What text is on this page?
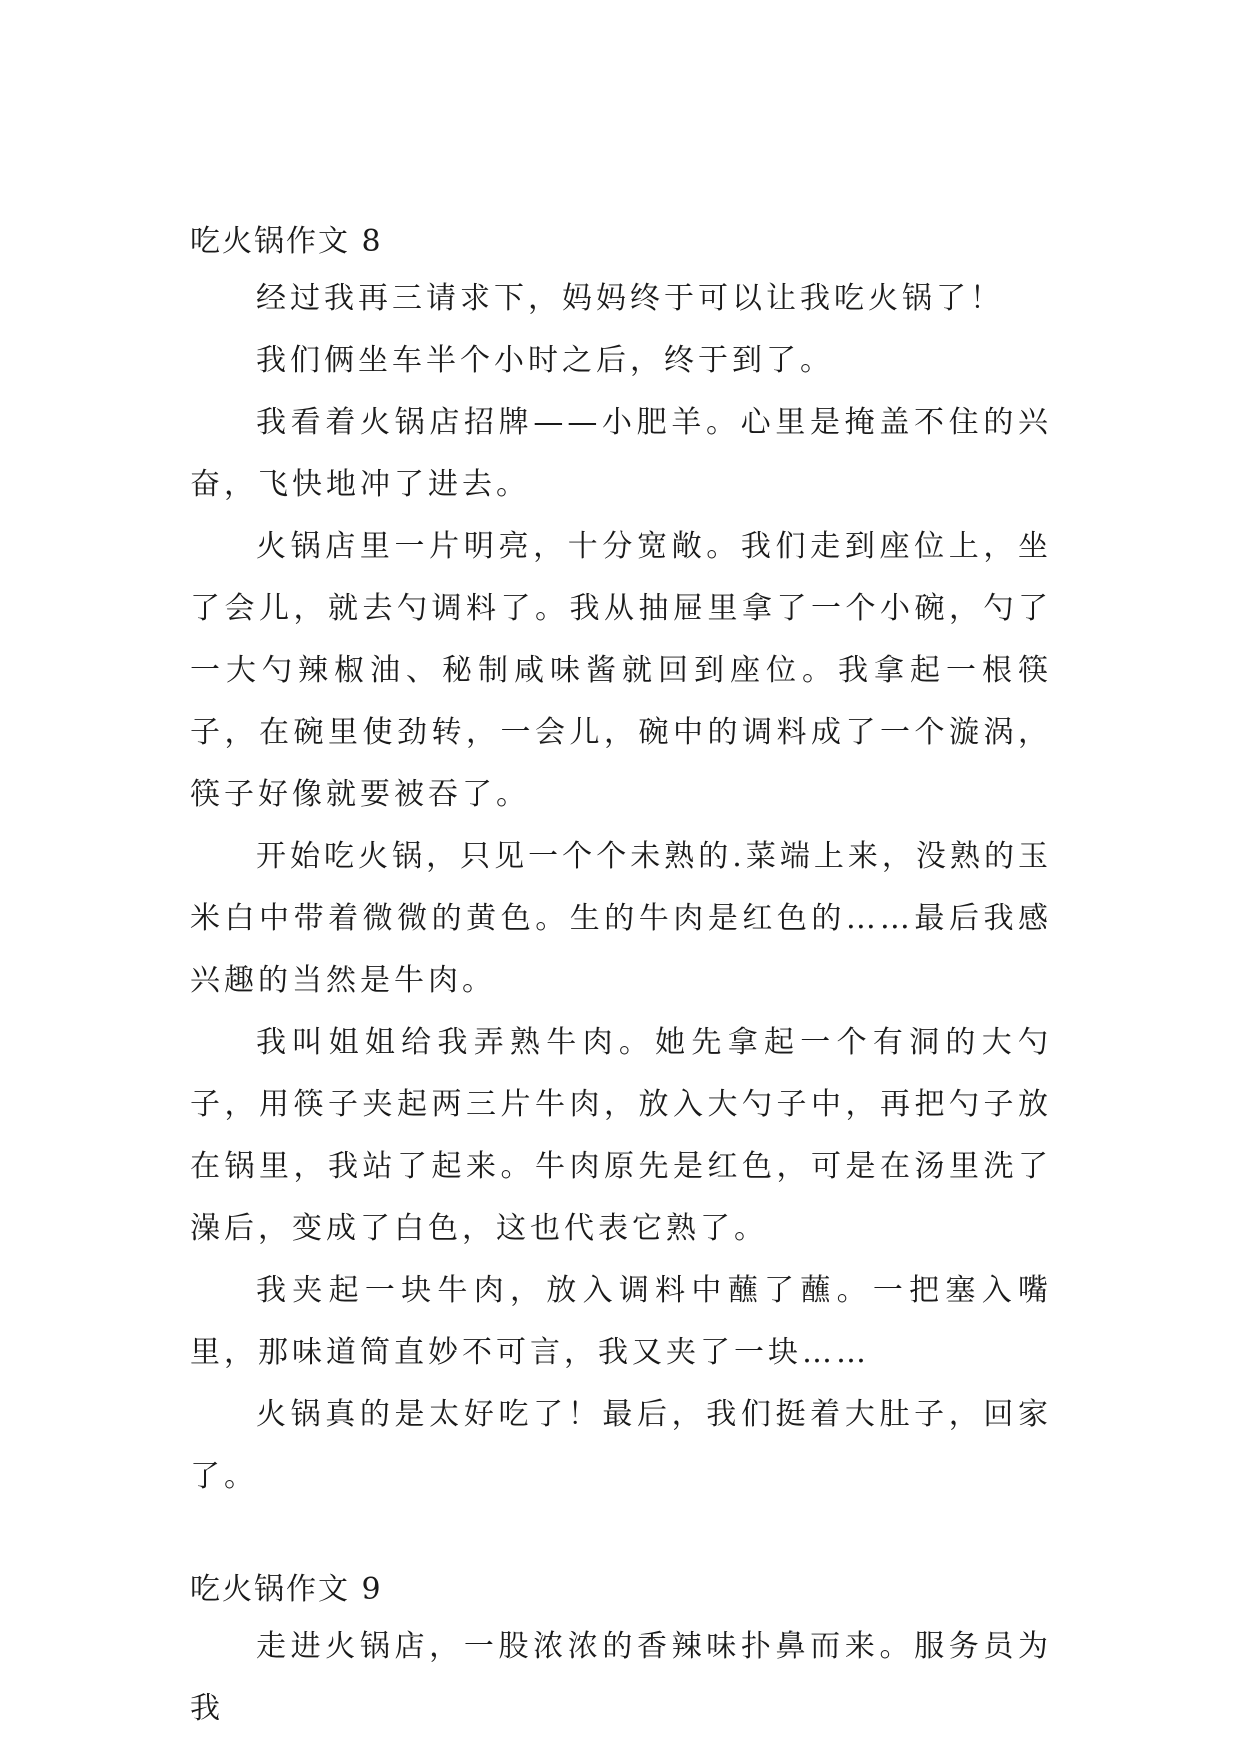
吃火锅作文 8

经过我再三请求下，妈妈终于可以让我吃火锅了！

我们俩坐车半个小时之后，终于到了。

我看着火锅店招牌——小肥羊。心里是掩盖不住的兴奋，飞快地冲了进去。

火锅店里一片明亮，十分宽敞。我们走到座位上，坐了会儿，就去勺调料了。我从抽屉里拿了一个小碗，勺了一大勺辣椒油、秘制咸味酱就回到座位。我拿起一根筷子，在碗里使劲转，一会儿，碗中的调料成了一个漩涡，筷子好像就要被吞了。

开始吃火锅，只见一个个未熟的.菜端上来，没熟的玉米白中带着微微的黄色。生的牛肉是红色的……最后我感兴趣的当然是牛肉。

我叫姐姐给我弄熟牛肉。她先拿起一个有洞的大勺子，用筷子夹起两三片牛肉，放入大勺子中，再把勺子放在锅里，我站了起来。牛肉原先是红色，可是在汤里洗了澡后，变成了白色，这也代表它熟了。

我夹起一块牛肉，放入调料中蘸了蘸。一把塞入嘴里，那味道简直妙不可言，我又夹了一块……

火锅真的是太好吃了！最后，我们挺着大肚子，回家了。

吃火锅作文 9

走进火锅店，一股浓浓的香辣味扑鼻而来。服务员为我
